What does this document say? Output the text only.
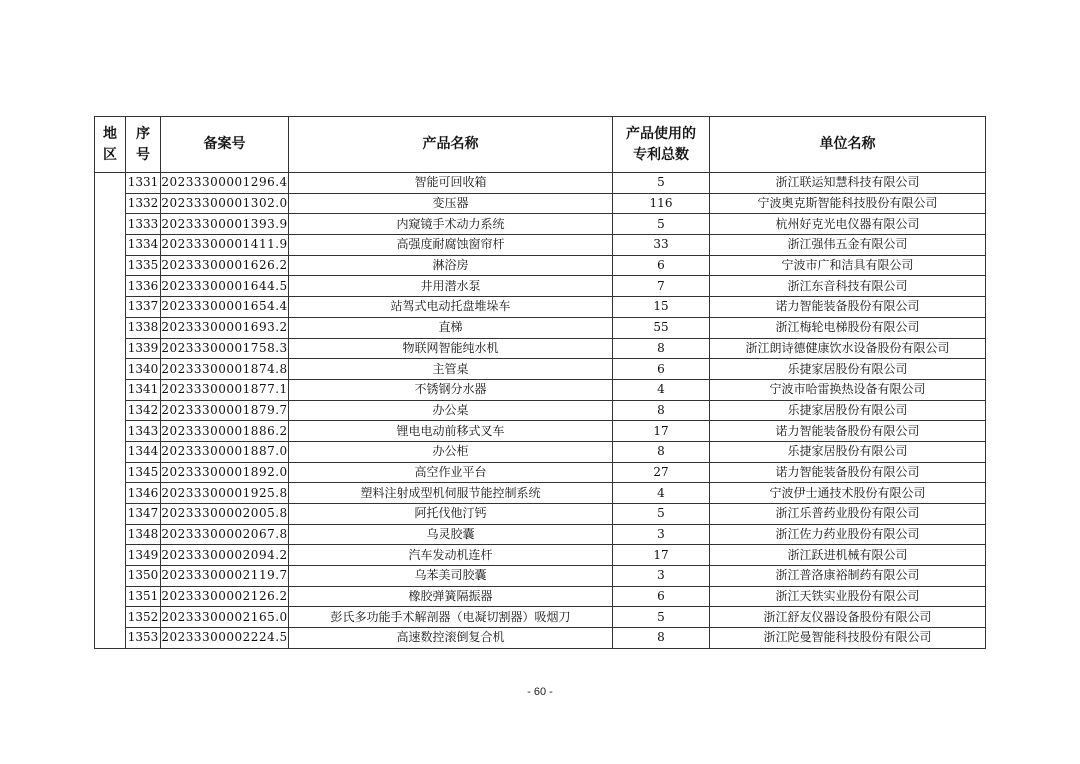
地区	序号	备案号	产品名称	产品使用的专利总数	单位名称
	1331	20233300001296.4	智能可回收箱	5	浙江联运知慧科技有限公司
	1332	20233300001302.0	变压器	116	宁波奥克斯智能科技股份有限公司
	1333	20233300001393.9	内窥镜手术动力系统	5	杭州好克光电仪器有限公司
	1334	20233300001411.9	高强度耐腐蚀窗帘杆	33	浙江强伟五金有限公司
	1335	20233300001626.2	淋浴房	6	宁波市广和洁具有限公司
	1336	20233300001644.5	井用潜水泵	7	浙江东音科技有限公司
	1337	20233300001654.4	站驾式电动托盘堆垛车	15	诺力智能装备股份有限公司
	1338	20233300001693.2	直梯	55	浙江梅轮电梯股份有限公司
	1339	20233300001758.3	物联网智能纯水机	8	浙江朗诗德健康饮水设备股份有限公司
	1340	20233300001874.8	主管桌	6	乐捷家居股份有限公司
	1341	20233300001877.1	不锈钢分水器	4	宁波市哈雷换热设备有限公司
	1342	20233300001879.7	办公桌	8	乐捷家居股份有限公司
	1343	20233300001886.2	锂电电动前移式叉车	17	诺力智能装备股份有限公司
	1344	20233300001887.0	办公柜	8	乐捷家居股份有限公司
	1345	20233300001892.0	高空作业平台	27	诺力智能装备股份有限公司
	1346	20233300001925.8	塑料注射成型机伺服节能控制系统	4	宁波伊士通技术股份有限公司
	1347	20233300002005.8	阿托伐他汀钙	5	浙江乐普药业股份有限公司
	1348	20233300002067.8	乌灵胶囊	3	浙江佐力药业股份有限公司
	1349	20233300002094.2	汽车发动机连杆	17	浙江跃进机械有限公司
	1350	20233300002119.7	乌苯美司胶囊	3	浙江普洛康裕制药有限公司
	1351	20233300002126.2	橡胶弹簧隔振器	6	浙江天铁实业股份有限公司
	1352	20233300002165.0	彭氏多功能手术解剖器（电凝切割器）吸烟刀	5	浙江舒友仪器设备股份有限公司
	1353	20233300002224.5	高速数控滚倒复合机	8	浙江陀曼智能科技股份有限公司
- 60 -
